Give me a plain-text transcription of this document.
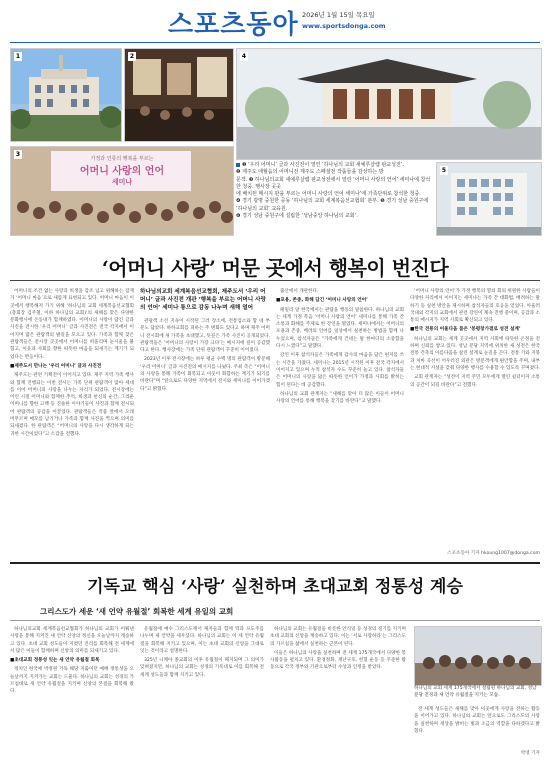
스포츠동아 2026년 1월 15일 목요일
www.sportsdonga.com
1	2	4
가정과 인류의 행복을 부르는
어머니 사랑의 언어
세미나
3
5

❶ ‘우리 어머니’ 글과 사진전이 열린 ‘하나님의 교회 새예루살렘 판교성전’.

❷ 제주도 애월읍의 어머니전 제주도 스페셜전 작품들을 감상하는 방

문객. ❸ 하나님의교회 새예루살렘 판교성전에서 열린 ‘어머니 사랑의 언어’ 세미나에 참석한 청중. 행사장 곳곳

에 배치된 메시지 판을 부르는 어머니 사랑의 언어 세미나’에 가족단위로 참석한 청중.

❹ 경기 광명 중원한 공동 ‘하나님의 교회 세계복음선교협회’ 본부. ❺ 경기 성남 중원구에 ‘하나님의 교회’ 교육원.

❻ 경기 성남 중원구에 설립한 ‘성남중앙 하나님의 교회’.

‘어머니 사랑’ 머문 곳에서 행복이 번진다

어머니의 조건 없는 사랑과 희생을 감조 넘고 위해하는 잠재가 ‘어머니 마음’으로 새롭게 표현되고 있다. 어머니 마음이 이 곳에서 행복해져 가기 위해 ‘하나님의 교회 세계복음선교협회(총회장 김주철, 이하 하나님의 교회)’의 새해를 맞은 다양한 문화행사에 온동네가 함께하였다. 어머니의 사랑이 담긴 글과 사진을 전시한 ‘우리 어머니’ 글과 사진전은 전국 각지에서 이어지며 많은 관람객의 발길을 모으고 있다. 가족과 함께 찾은 관람객들은 전시장 곳곳에서 어머니를 떠올리며 눈시울을 붉혔고, 이웃과 사회를 향한 따뜻한 마음을 되새기는 계기가 되었다는 반응이다.

■제주도서 만나는 ‘우리 어머니’ 글과 사진전

제주도는 관련 기획전이 이어지고 있다. 제주 지역 가족 행사와 함께 진행되는 이번 전시는 가족 단위 관람객이 많아 세대를 이어 어머니의 사랑을 나누는 자리가 되었다. 전시장에는 어린 시절 어머니와 함께한 추억, 희생과 헌신의 순간, 그리운 어머니를 향한 고백 등 진솔한 이야기들이 사진과 함께 전시되어 관람객의 공감을 이끌었다. 관람객들은 작품 앞에서 오래 머무르며 메모를 남기거나 가족과 함께 사진을 찍으며 의미를 되새겼다. 한 관람객은 “어머니의 사랑을 다시 생각하게 되는 귀한 시간이었다”고 소감을 전했다.

하나님의교회 세계복음선교협회, 제주도서 ‘우리 어머니’ 글과 사진전 개관 ‘행복을 부르는 어머니 사랑의 언어’ 세미나 통으로 감동 나누며 새해 열어

관광객 소선 지속이 시작된 그러 장소에, 전통업소와 함 네 부 분노 담았다. 하하교회를 피하는 주 변화도 있다고 하며 제주 어머니 전시회에 새 가족을 초대했고, 뜻깊은 가족 사진이 공개되었다. 관람객들은 ‘어머니의 사랑이 가장 크다’는 메시지에 깊이 공감했다고 한다. 행사장에는 가족 단위 관람객이 꾸준히 이어졌다.

2023년 이후 전시장에는 하루 평균 수백 명의 관람객이 방문해 ‘우리 어머니’ 글과 사진전의 메시지를 나눴다. 주최 측은 “어머니의 사랑을 통해 가족이 회복되고 이웃이 화합하는 계기가 되기를 바란다”며 “앞으로도 다양한 지역에서 전시와 세미나를 이어가겠다”고 밝혔다.

출산에서 개관한다.

■포용, 존중, 화해 담긴 ‘어머니 사랑의 언어’

패밀리 달 한국에서는 관람을 행동의 말씀한다. 하나님의 교회는 세계 가정 복음 ‘어머니 사랑의 언어’ 세미나를 통해 가족 간 소통과 화해를 주제로 한 강연을 열었다. 세미나에서는 어머니의 포용과 존중, 배려의 언어를 일상에서 실천하는 방법을 함께 나누었으며, 참석자들은 “가족에게 건네는 말 한마디의 소중함을 다시 느꼈다”고 말했다.

강연 이후 참석자들은 가족에게 감사의 마음을 담은 편지를 쓰는 시간을 가졌다. 세미나는 2015년 시작된 이후 전국 각지에서 이어지고 있으며 누적 참석자 수도 꾸준히 늘고 있다. 참석자들은 어머니의 사랑을 닮은 따뜻한 언어가 가정과 사회를 밝히는 힘이 된다는 데 공감했다.

하나님의 교회 관계자는 “새해를 맞아 더 많은 이들이 어머니 사랑의 언어를 통해 행복을 찾기를 바란다”고 말했다.

‘어머니 사랑의 언어’가 가정 행복의 열쇠 회의 위원한 사람들이 다양한 자리에서 이어지는 세미나는 가족 간 대화법, 배려하는 말하기 등 실천 방안을 제시하며 참석자들의 호응을 얻었다. 아울러 국내외 각지의 교회에서 관련 강연이 계속 진행 중이며, 공감과 소통의 메시지가 지역 사회로 확산되고 있다.

■한국 전통의 어울다움 품은 ‘봉평창가결로 성전 설계’

하나님의 교회는 세계 곳곳에서 지역 사회에 따뜻한 온정을 전하며 신뢰를 쌓고 있다. 성남 분당 지역에 위치한 새 성전은 한국 전통 건축의 아름다움을 살린 설계로 눈길을 끈다. 전통 기와 지붕과 처마 곡선이 어우러진 외관은 방문객에게 편안함을 주며, 내부는 현대적 시설을 갖춰 다양한 행사를 수용할 수 있도록 꾸며졌다.

교회 관계자는 “성전이 지역 주민 모두에게 열린 쉼터이자 소통의 공간이 되길 바란다”고 전했다.

스포츠동아 기자 hkoung1007@donga.com
기독교 핵심 ‘사랑’ 실천하며 초대교회 정통성 계승
그리스도가 세운 ‘새 언약 유월절’ 회복한 세계 유일의 교회

하나님의교회 세계복음선교협회가 하나님의 교회가 이뤄낸 사랑을 통해 지켜진 새 언약 신앙의 정신을 오늘날까지 계승하고 있다. 초대 교회 성도들이 지켰던 진리를 회복해 전 세계에서 많은 이들이 함께하며 신앙의 의미를 되새기고 있다.

■초대교회 정통성 잇는 새 언약 유월절 회복

정치인 한국에 박정원 기독 해당 지출이던 예배 정통성을 오늘날까지 지켜가는 교회는 드물다. 하나님의 교회는 성경의 가르침대로 새 언약 유월절을 지키며 신앙의 본질을 회복해 왔다.

유월절에 예수 그리스도께서 제자들과 함께 떡과 포도주를 나누며 새 언약을 세우셨다. 하나님의 교회는 이 새 언약 유월절을 회복해 지키고 있으며, 이는 초대 교회의 신앙을 그대로 잇는 것이라고 설명한다.

325년 니케아 종교회의 이후 유월절이 폐지되며 그 의미가 잊혀졌지만, 하나님의 교회는 성경의 기록대로 이를 회복해 전 세계 성도들과 함께 지키고 있다.

하나님의 교회는 유월절을 비롯한 안식일 등 성경의 절기를 지키며 초대 교회의 신앙을 계승하고 있다. 이는 ‘서로 사랑하라’는 그리스도의 가르침을 삶에서 실천하는 근본이 된다.

이들은 하나님의 사랑을 실천하며 전 세계 175개국에서 다양한 봉사활동을 펼치고 있다. 환경정화, 재난구호, 헌혈 운동 등 꾸준한 활동으로 각국 정부와 기관으로부터 수상과 인정을 받았다.

하나님의 교회 세계 175개국에서 설립된 하나님의 교회, 성남 분당 전경과 새 언약 유월절을 지키는 모습.

전 세계 성도들은 새해를 맞아 이웃에게 사랑을 전하는 활동을 이어가고 있다. 하나님의 교회는 앞으로도 그리스도의 사랑을 실천하며 세상을 밝히는 빛과 소금의 역할을 다하겠다고 밝혔다.

박영 기자
